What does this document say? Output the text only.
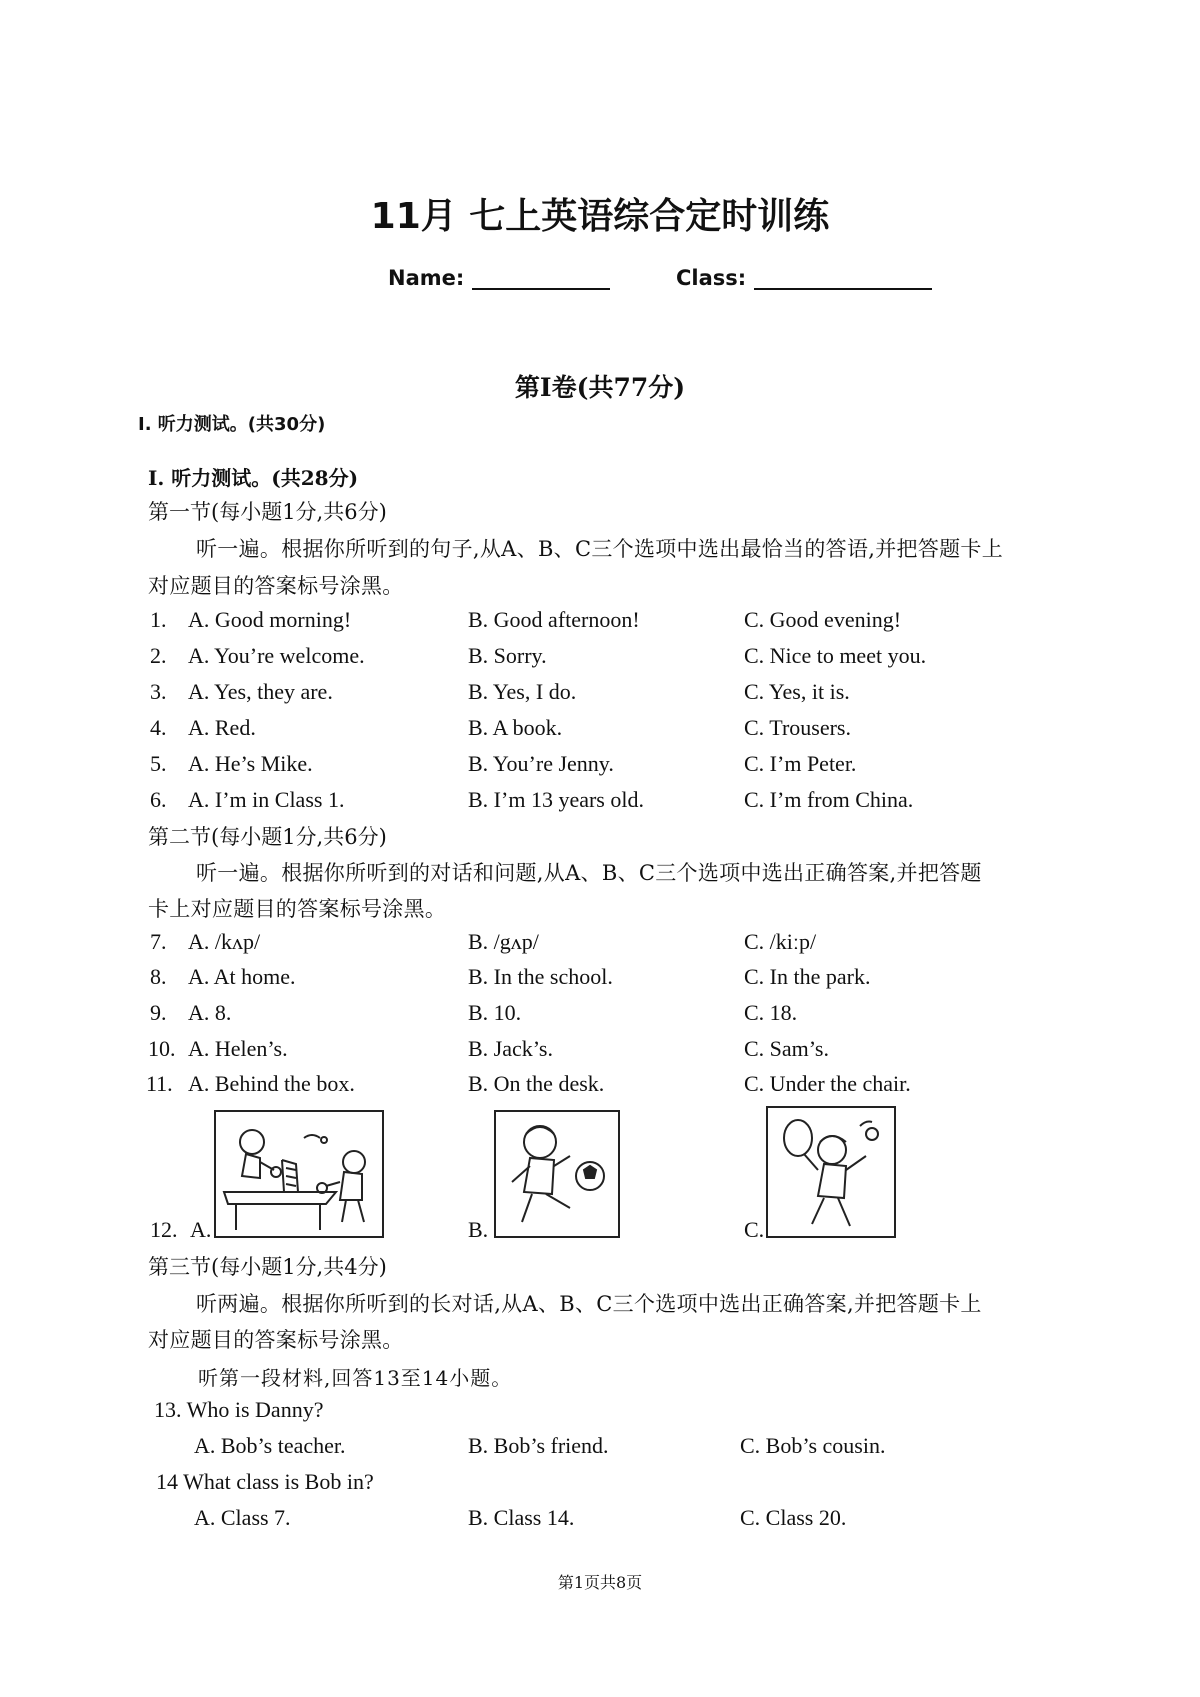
11月 七上英语综合定时训练
Name:	Class:
第Ⅰ卷(共77分)
Ⅰ. 听力测试。(共30分)
Ⅰ. 听力测试。(共28分)
第一节(每小题1分,共6分)
听一遍。根据你所听到的句子,从A、B、C三个选项中选出最恰当的答语,并把答题卡上
对应题目的答案标号涂黑。
1. A. Good morning!	B. Good afternoon!	C. Good evening!
2. A. You’re welcome.	B. Sorry.	C. Nice to meet you.
3. A. Yes, they are.	B. Yes, I do.	C. Yes, it is.
4. A. Red.	B. A book.	C. Trousers.
5. A. He’s Mike.	B. You’re Jenny.	C. I’m Peter.
6. A. I’m in Class 1.	B. I’m 13 years old.	C. I’m from China.
第二节(每小题1分,共6分)
听一遍。根据你所听到的对话和问题,从A、B、C三个选项中选出正确答案,并把答题
卡上对应题目的答案标号涂黑。
7. A. /kʌp/	B. /gʌp/	C. /kiːp/
8. A. At home.	B. In the school.	C. In the park.
9. A. 8.	B. 10.	C. 18.
10. A. Helen’s.	B. Jack’s.	C. Sam’s.
11. A. Behind the box.	B. On the desk.	C. Under the chair.
12. A.	B.	C.
第三节(每小题1分,共4分)
听两遍。根据你所听到的长对话,从A、B、C三个选项中选出正确答案,并把答题卡上
对应题目的答案标号涂黑。
听第一段材料,回答13至14小题。
13. Who is Danny?
A. Bob’s teacher.	B. Bob’s friend.	C. Bob’s cousin.
14 What class is Bob in?
A. Class 7.	B. Class 14.	C. Class 20.
第1页共8页
